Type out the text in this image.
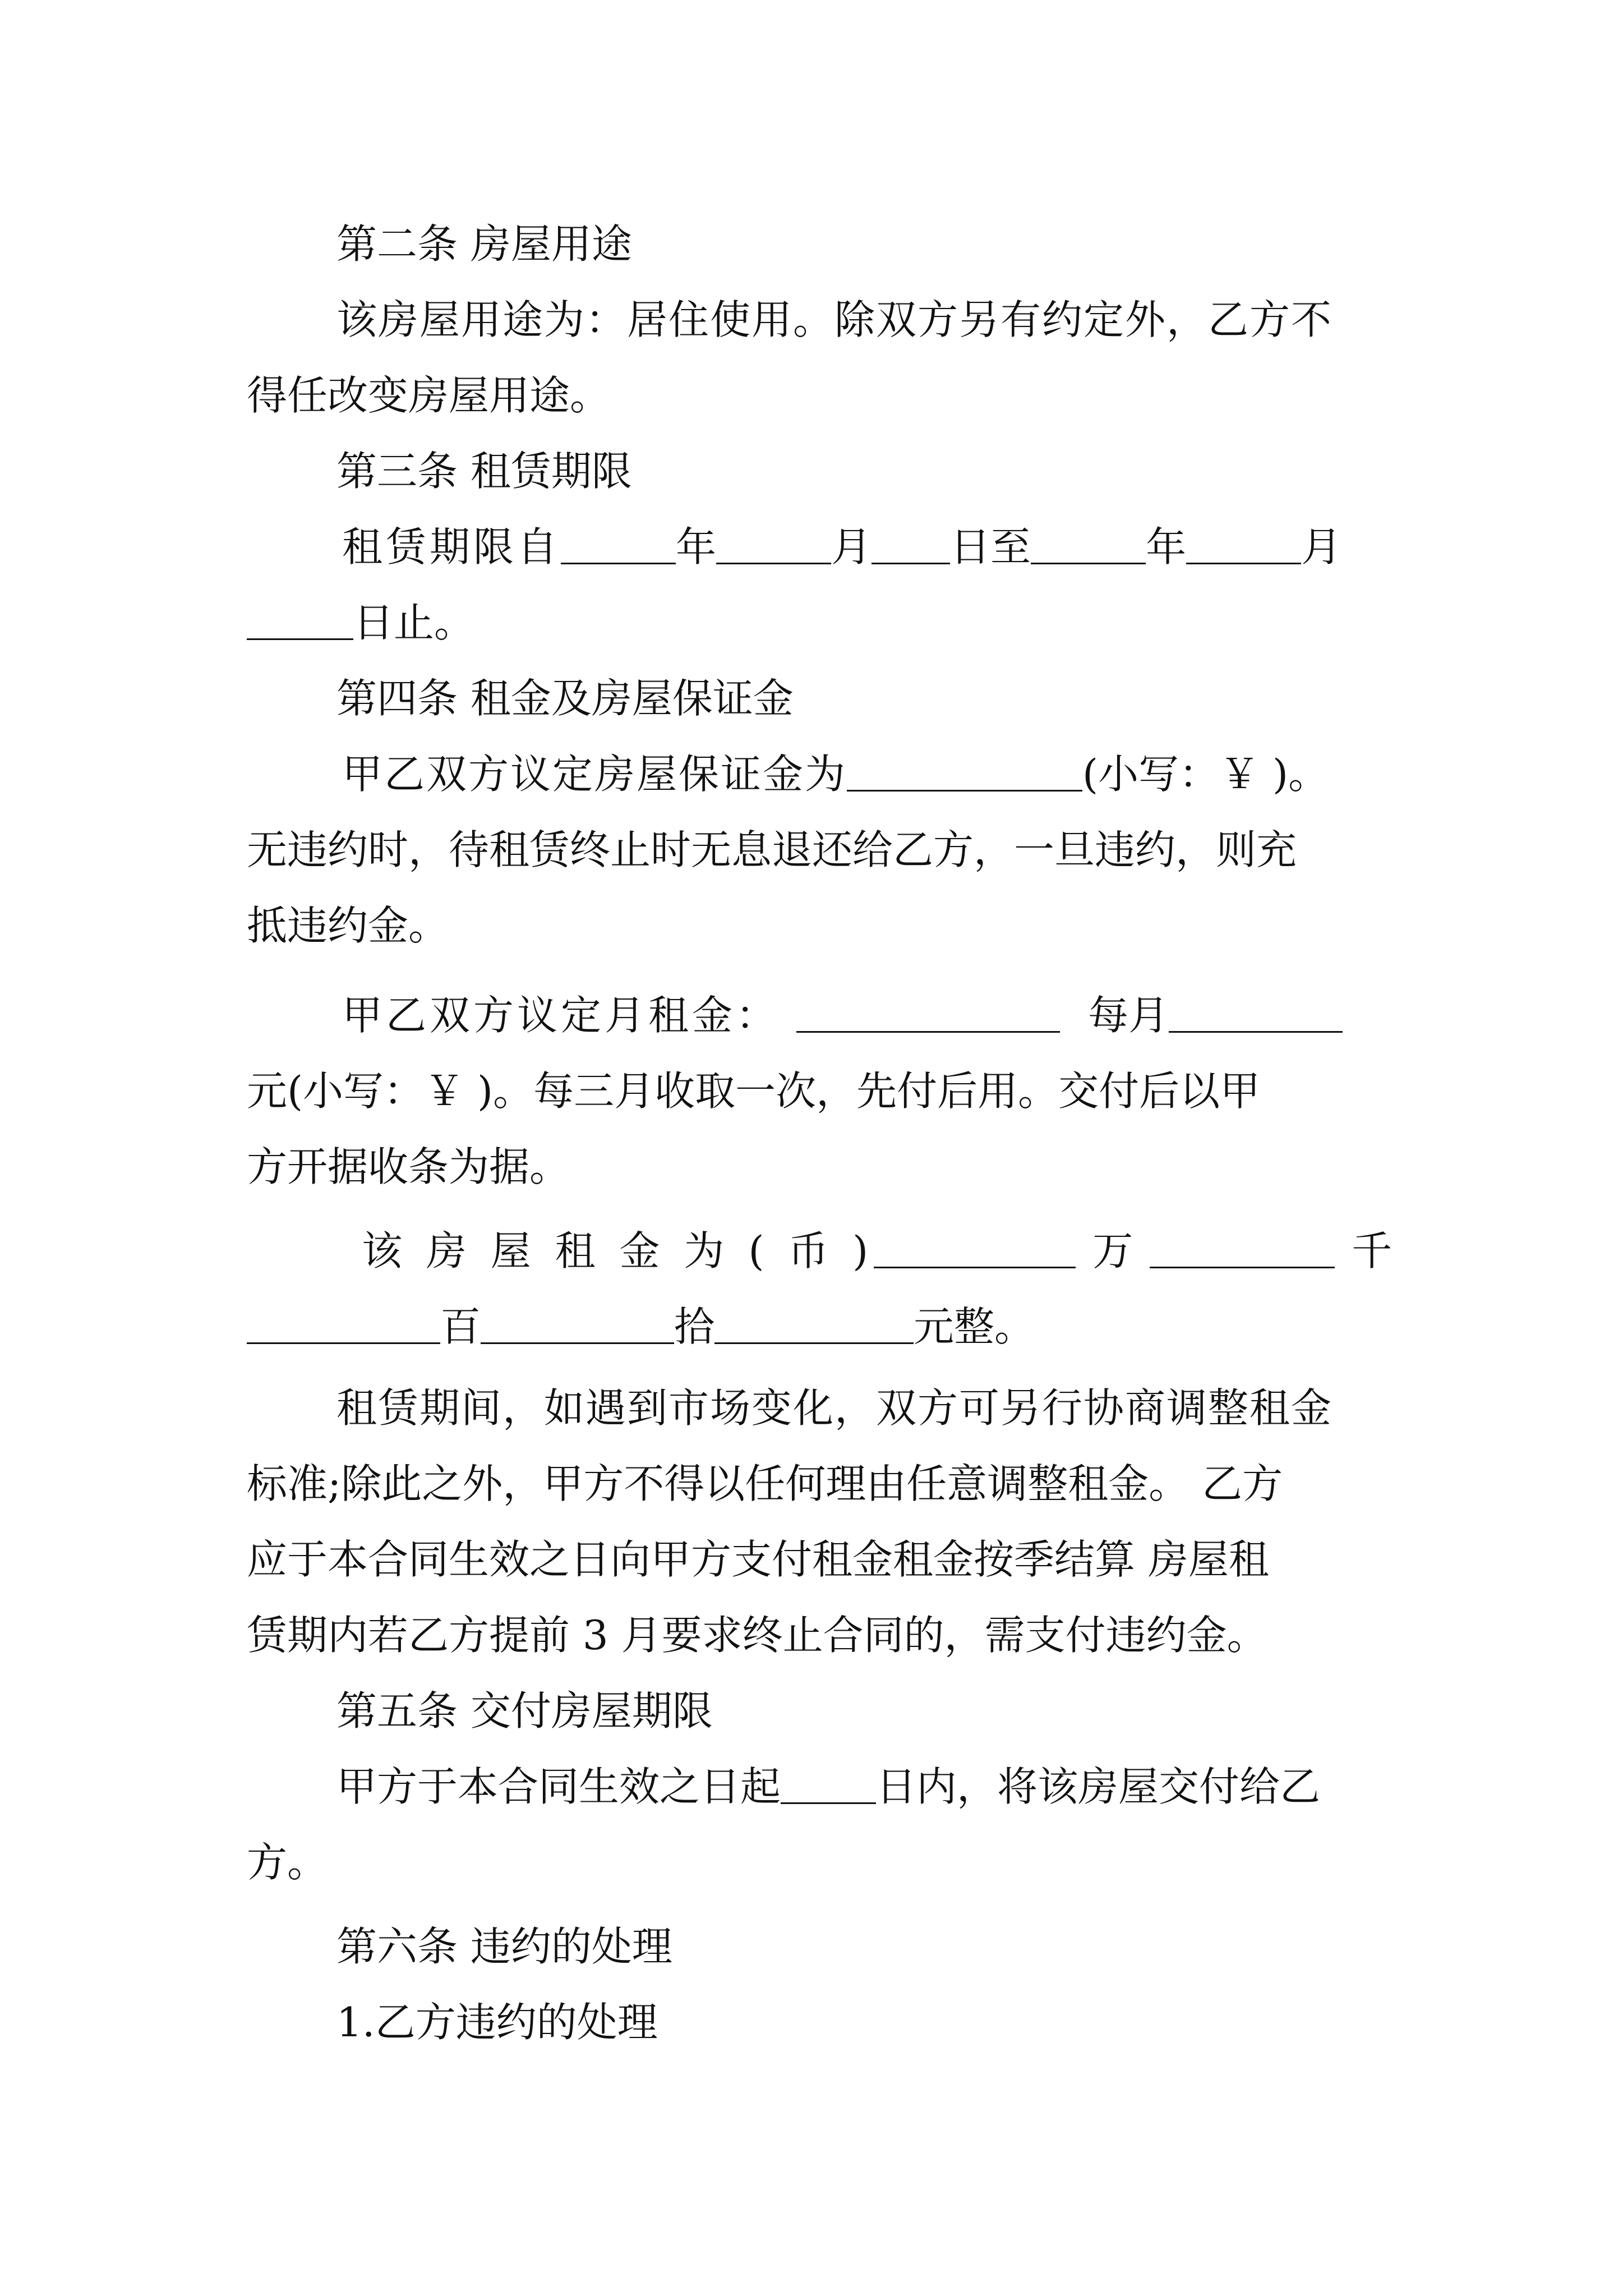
第二条 房屋用途
该房屋用途为：居住使用。除双方另有约定外，乙方不
得任改变房屋用途。
第三条 租赁期限
租赁期限自	年	月 日至	年	月
日止。
第四条 租金及房屋保证金
甲乙双方议定房屋保证金为	(小写：￥ )。
无违约时，待租赁终止时无息退还给乙方，一旦违约，则充
抵违约金。
甲乙双方议定月租金：	每月
元(小写：￥ )。每三月收取一次，先付后用。交付后以甲
方开据收条为据。
该 房 屋 租 金 为 ( 币 )	万	千
百	拾	元整。
租赁期间，如遇到市场变化，双方可另行协商调整租金
标准;除此之外，甲方不得以任何理由任意调整租金。 乙方
应于本合同生效之日向甲方支付租金租金按季结算 房屋租
赁期内若乙方提前 3 月要求终止合同的，需支付违约金。
第五条 交付房屋期限
甲方于本合同生效之日起 日内，将该房屋交付给乙
方。
第六条 违约的处理
1.乙方违约的处理
